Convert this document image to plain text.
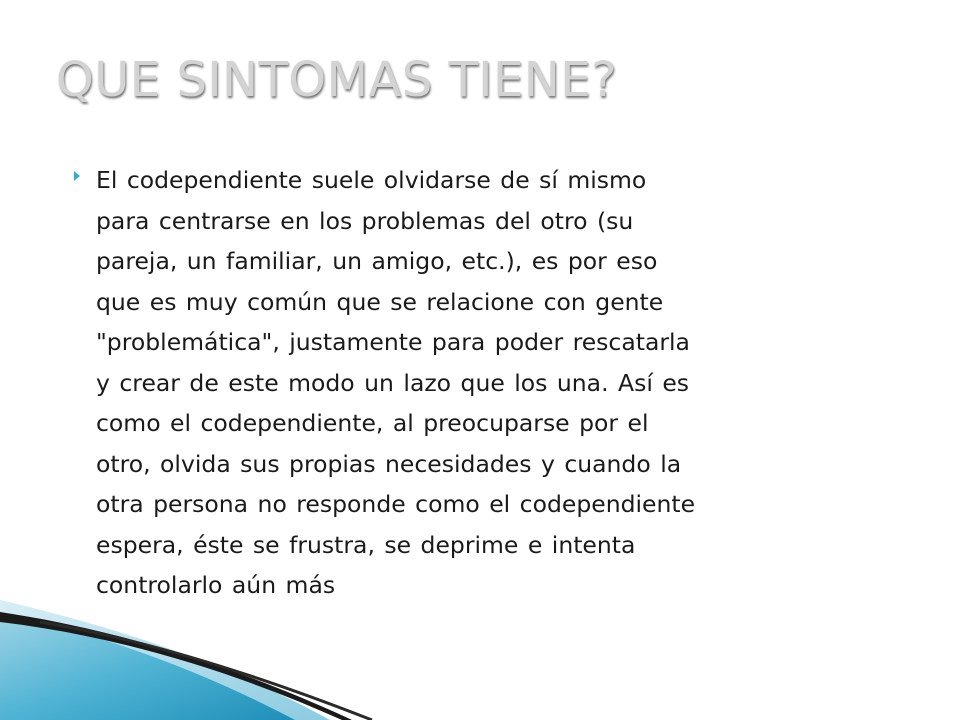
QUE SINTOMAS TIENE?
El codependiente suele olvidarse de sí mismo
para centrarse en los problemas del otro (su
pareja, un familiar, un amigo, etc.), es por eso
que es muy común que se relacione con gente
"problemática", justamente para poder rescatarla
y crear de este modo un lazo que los una. Así es
como el codependiente, al preocuparse por el
otro, olvida sus propias necesidades y cuando la
otra persona no responde como el codependiente
espera, éste se frustra, se deprime e intenta
controlarlo aún más
